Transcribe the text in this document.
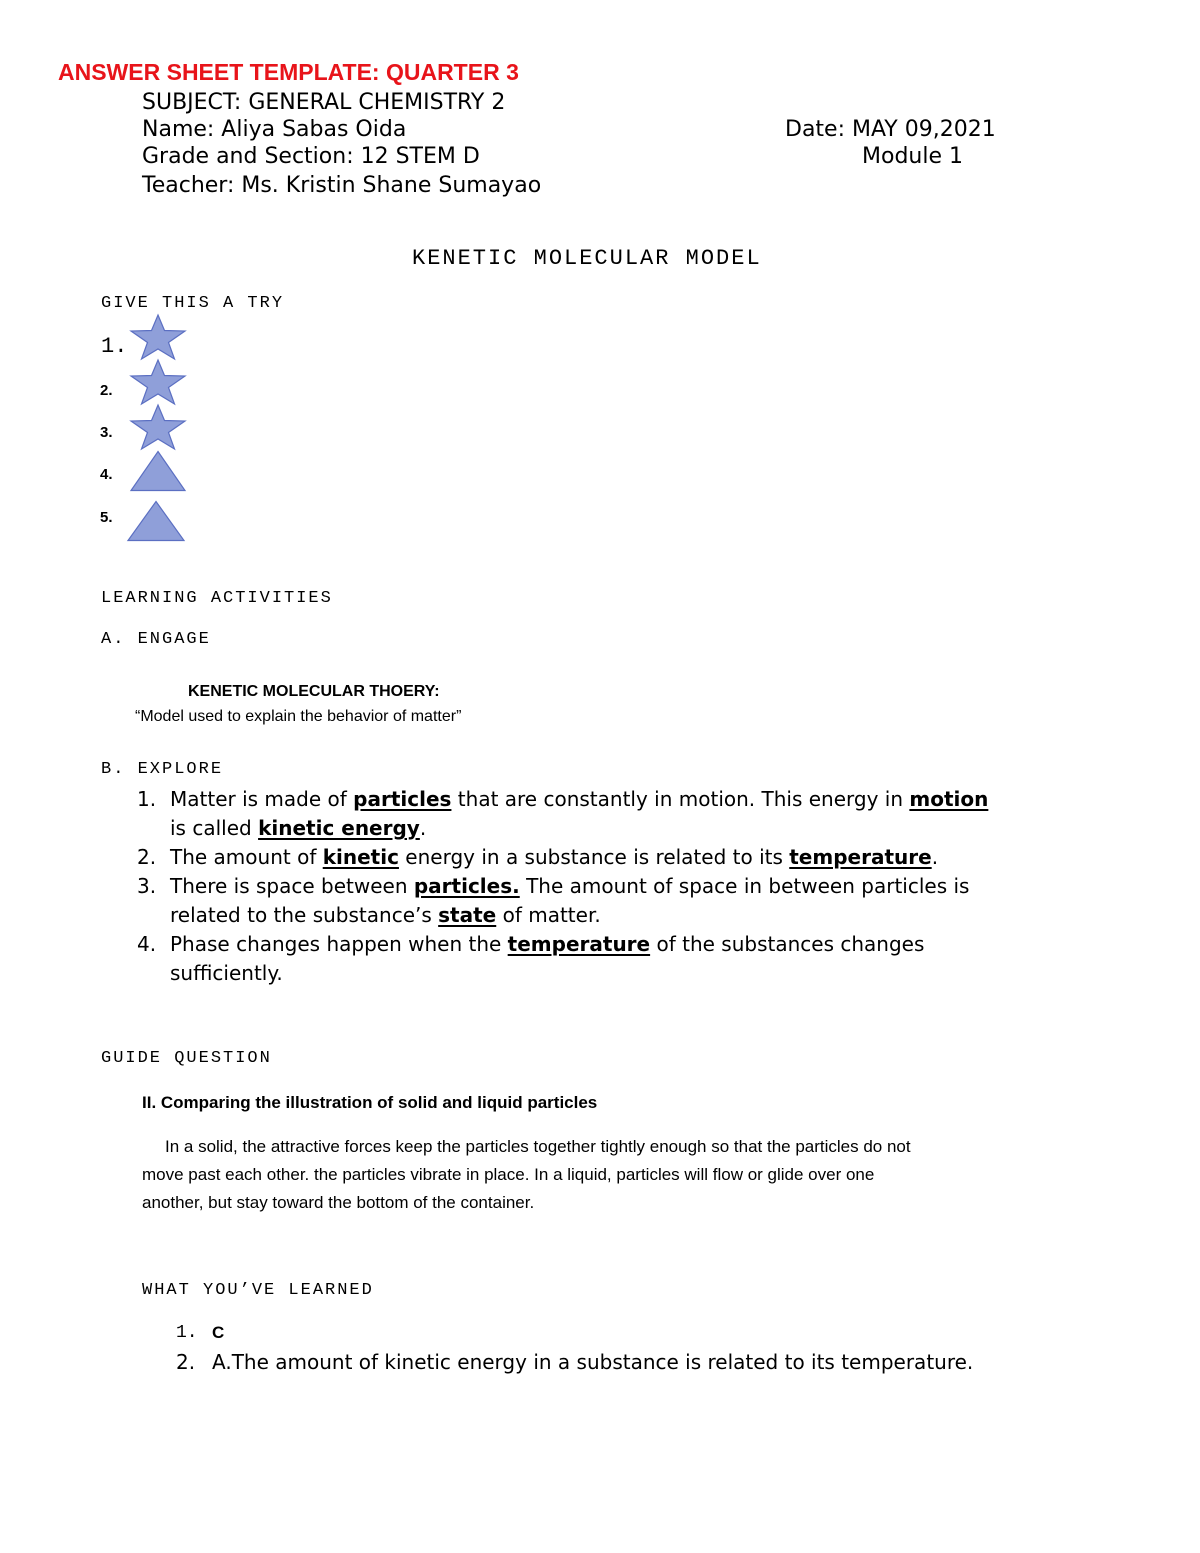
ANSWER SHEET TEMPLATE: QUARTER 3
SUBJECT: GENERAL CHEMISTRY 2
Name: Aliya Sabas Oida	Date: MAY 09,2021
Grade and Section: 12 STEM D	Module 1
Teacher: Ms. Kristin Shane Sumayao
KENETIC MOLECULAR MODEL
GIVE THIS A TRY
1.
2.
3.
4.
5.
LEARNING ACTIVITIES
A. ENGAGE
KENETIC MOLECULAR THOERY:
“Model used to explain the behavior of matter”
B. EXPLORE
1. Matter is made of particles that are constantly in motion. This energy in motion
is called kinetic energy.
2. The amount of kinetic energy in a substance is related to its temperature.
3. There is space between particles. The amount of space in between particles is
related to the substance’s state of matter.
4. Phase changes happen when the temperature of the substances changes
sufficiently.
GUIDE QUESTION
II. Comparing the illustration of solid and liquid particles
In a solid, the attractive forces keep the particles together tightly enough so that the particles do not
move past each other. the particles vibrate in place. In a liquid, particles will flow or glide over one
another, but stay toward the bottom of the container.
WHAT YOU’VE LEARNED
1. C
2. A.The amount of kinetic energy in a substance is related to its temperature.
